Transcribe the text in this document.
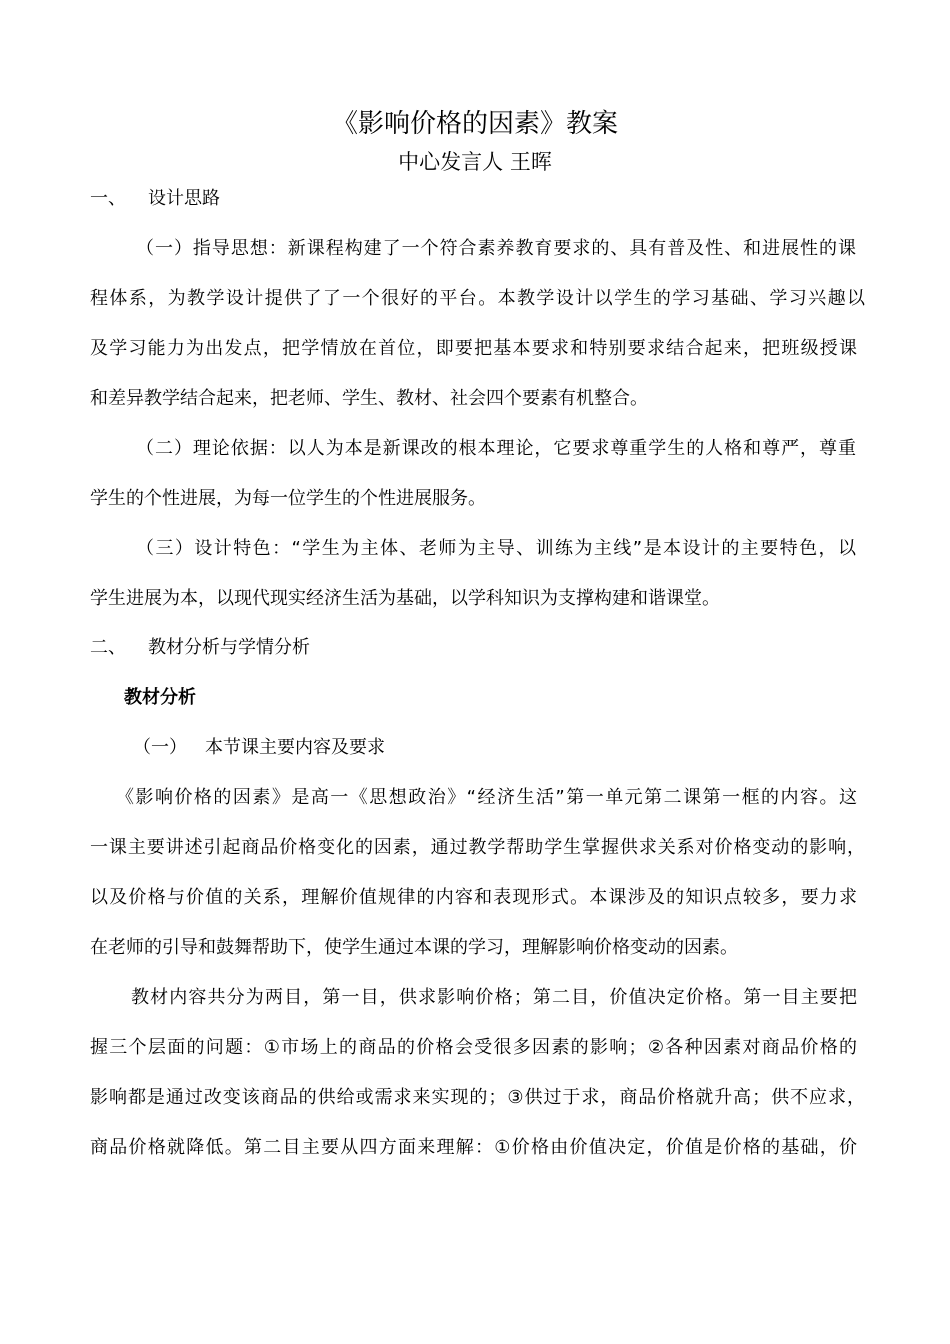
《影响价格的因素》教案
中心发言人 王晖
一、 设计思路
（一）指导思想：新课程构建了一个符合素养教育要求的、具有普及性、和进展性的课
程体系，为教学设计提供了了一个很好的平台。本教学设计以学生的学习基础、学习兴趣以
及学习能力为出发点，把学情放在首位，即要把基本要求和特别要求结合起来，把班级授课
和差异教学结合起来，把老师、学生、教材、社会四个要素有机整合。
（二）理论依据：以人为本是新课改的根本理论，它要求尊重学生的人格和尊严，尊重
学生的个性进展，为每一位学生的个性进展服务。
（三）设计特色：“学生为主体、老师为主导、训练为主线”是本设计的主要特色，以
学生进展为本，以现代现实经济生活为基础，以学科知识为支撑构建和谐课堂。
二、 教材分析与学情分析
教材分析
（一） 本节课主要内容及要求
《影响价格的因素》是高一《思想政治》“经济生活”第一单元第二课第一框的内容。这
一课主要讲述引起商品价格变化的因素，通过教学帮助学生掌握供求关系对价格变动的影响，
以及价格与价值的关系，理解价值规律的内容和表现形式。本课涉及的知识点较多，要力求
在老师的引导和鼓舞帮助下，使学生通过本课的学习，理解影响价格变动的因素。
教材内容共分为两目，第一目，供求影响价格；第二目，价值决定价格。第一目主要把
握三个层面的问题：①市场上的商品的价格会受很多因素的影响；②各种因素对商品价格的
影响都是通过改变该商品的供给或需求来实现的；③供过于求，商品价格就升高；供不应求，
商品价格就降低。第二目主要从四方面来理解：①价格由价值决定，价值是价格的基础，价
